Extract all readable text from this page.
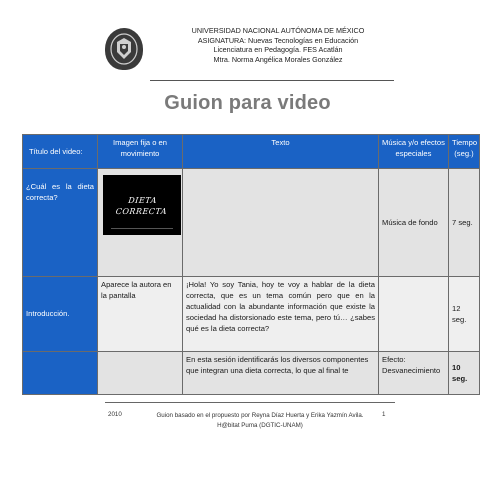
UNIVERSIDAD NACIONAL AUTÓNOMA DE MÉXICO
ASIGNATURA: Nuevas Tecnologías en Educación
Licenciatura en Pedagogía. FES Acatlán
Mtra. Norma Angélica Morales González
Guion para video
Título del video:	Imagen fija o en movimiento	Texto	Música y/o efectos especiales	Tiempo (seg.)
¿Cuál es la dieta correcta?	DIETA CORRECTA		Música de fondo	7 seg.
Introducción.	Aparece la autora en la pantalla	¡Hola! Yo soy Tania, hoy te voy a hablar de la dieta correcta, que es un tema común pero que en la actualidad con la abundante información que existe la sociedad ha distorsionado este tema, pero tú… ¿sabes qué es la dieta correcta?		12 seg.
		En esta sesión identificarás los diversos componentes que integran una dieta correcta, lo que al final te	Efecto: Desvanecimiento	10 seg.
2010	Guion basado en el propuesto por Reyna Díaz Huerta y Erika Yazmín Avila.
H@bitat Puma (DGTIC-UNAM)
1
